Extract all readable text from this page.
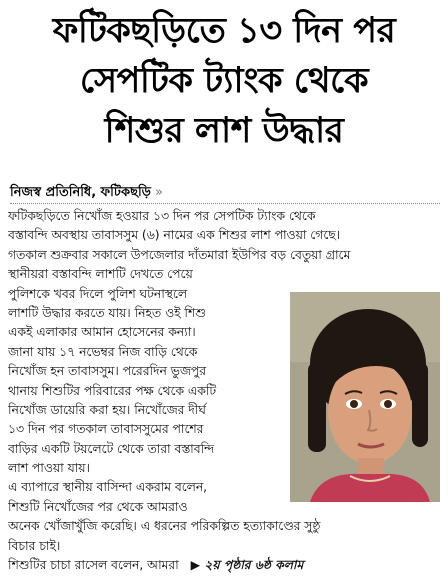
ফটিকছড়িতে ১৩ দিন পর
সেপটিক ট্যাংক থেকে
শিশুর লাশ উদ্ধার
নিজস্ব প্রতিনিধি, ফটিকছড়ি »
ফটিকছড়িতে নিখোঁজ হওয়ার ১৩ দিন পর সেপটিক ট্যাংক থেকে
বস্তাবন্দি অবস্থায় তাবাসসুম (৬) নামের এক শিশুর লাশ পাওয়া গেছে।
গতকাল শুক্রবার সকালে উপজেলার দাঁতমারা ইউপির বড় বেতুয়া গ্রামে
স্থানীয়রা বস্তাবন্দি লাশটি দেখতে পেয়ে
পুলিশকে খবর দিলে পুলিশ ঘটনাস্থলে
লাশটি উদ্ধার করতে যায়। নিহত ওই শিশু
একই এলাকার আমান হোসেনের কন্যা।
জানা যায় ১৭ নভেম্বর নিজ বাড়ি থেকে
নিখোঁজ হন তাবাসসুম। পরেরদিন ভুজপুর
থানায় শিশুটির পরিবারের পক্ষ থেকে একটি
নিখোঁজ ডায়েরি করা হয়। নিখোঁজের দীর্ঘ
১৩ দিন পর গতকাল তাবাসসুমের পাশের
বাড়ির একটি টয়লেটে থেকে তারা বস্তাবন্দি
লাশ পাওয়া যায়।
এ ব্যাপারে স্থানীয় বাসিন্দা একরাম বলেন,
শিশুটি নিখোঁজের পর থেকে আমরাও
অনেক খোঁজাখুঁজি করেছি। এ ধরনের পরিকল্পিত হত্যাকাণ্ডের সুষ্ঠু
বিচার চাই।
শিশুটির চাচা রাসেল বলেন, আমরা ▶ ২য় পৃষ্ঠার ৬ষ্ঠ কলাম
